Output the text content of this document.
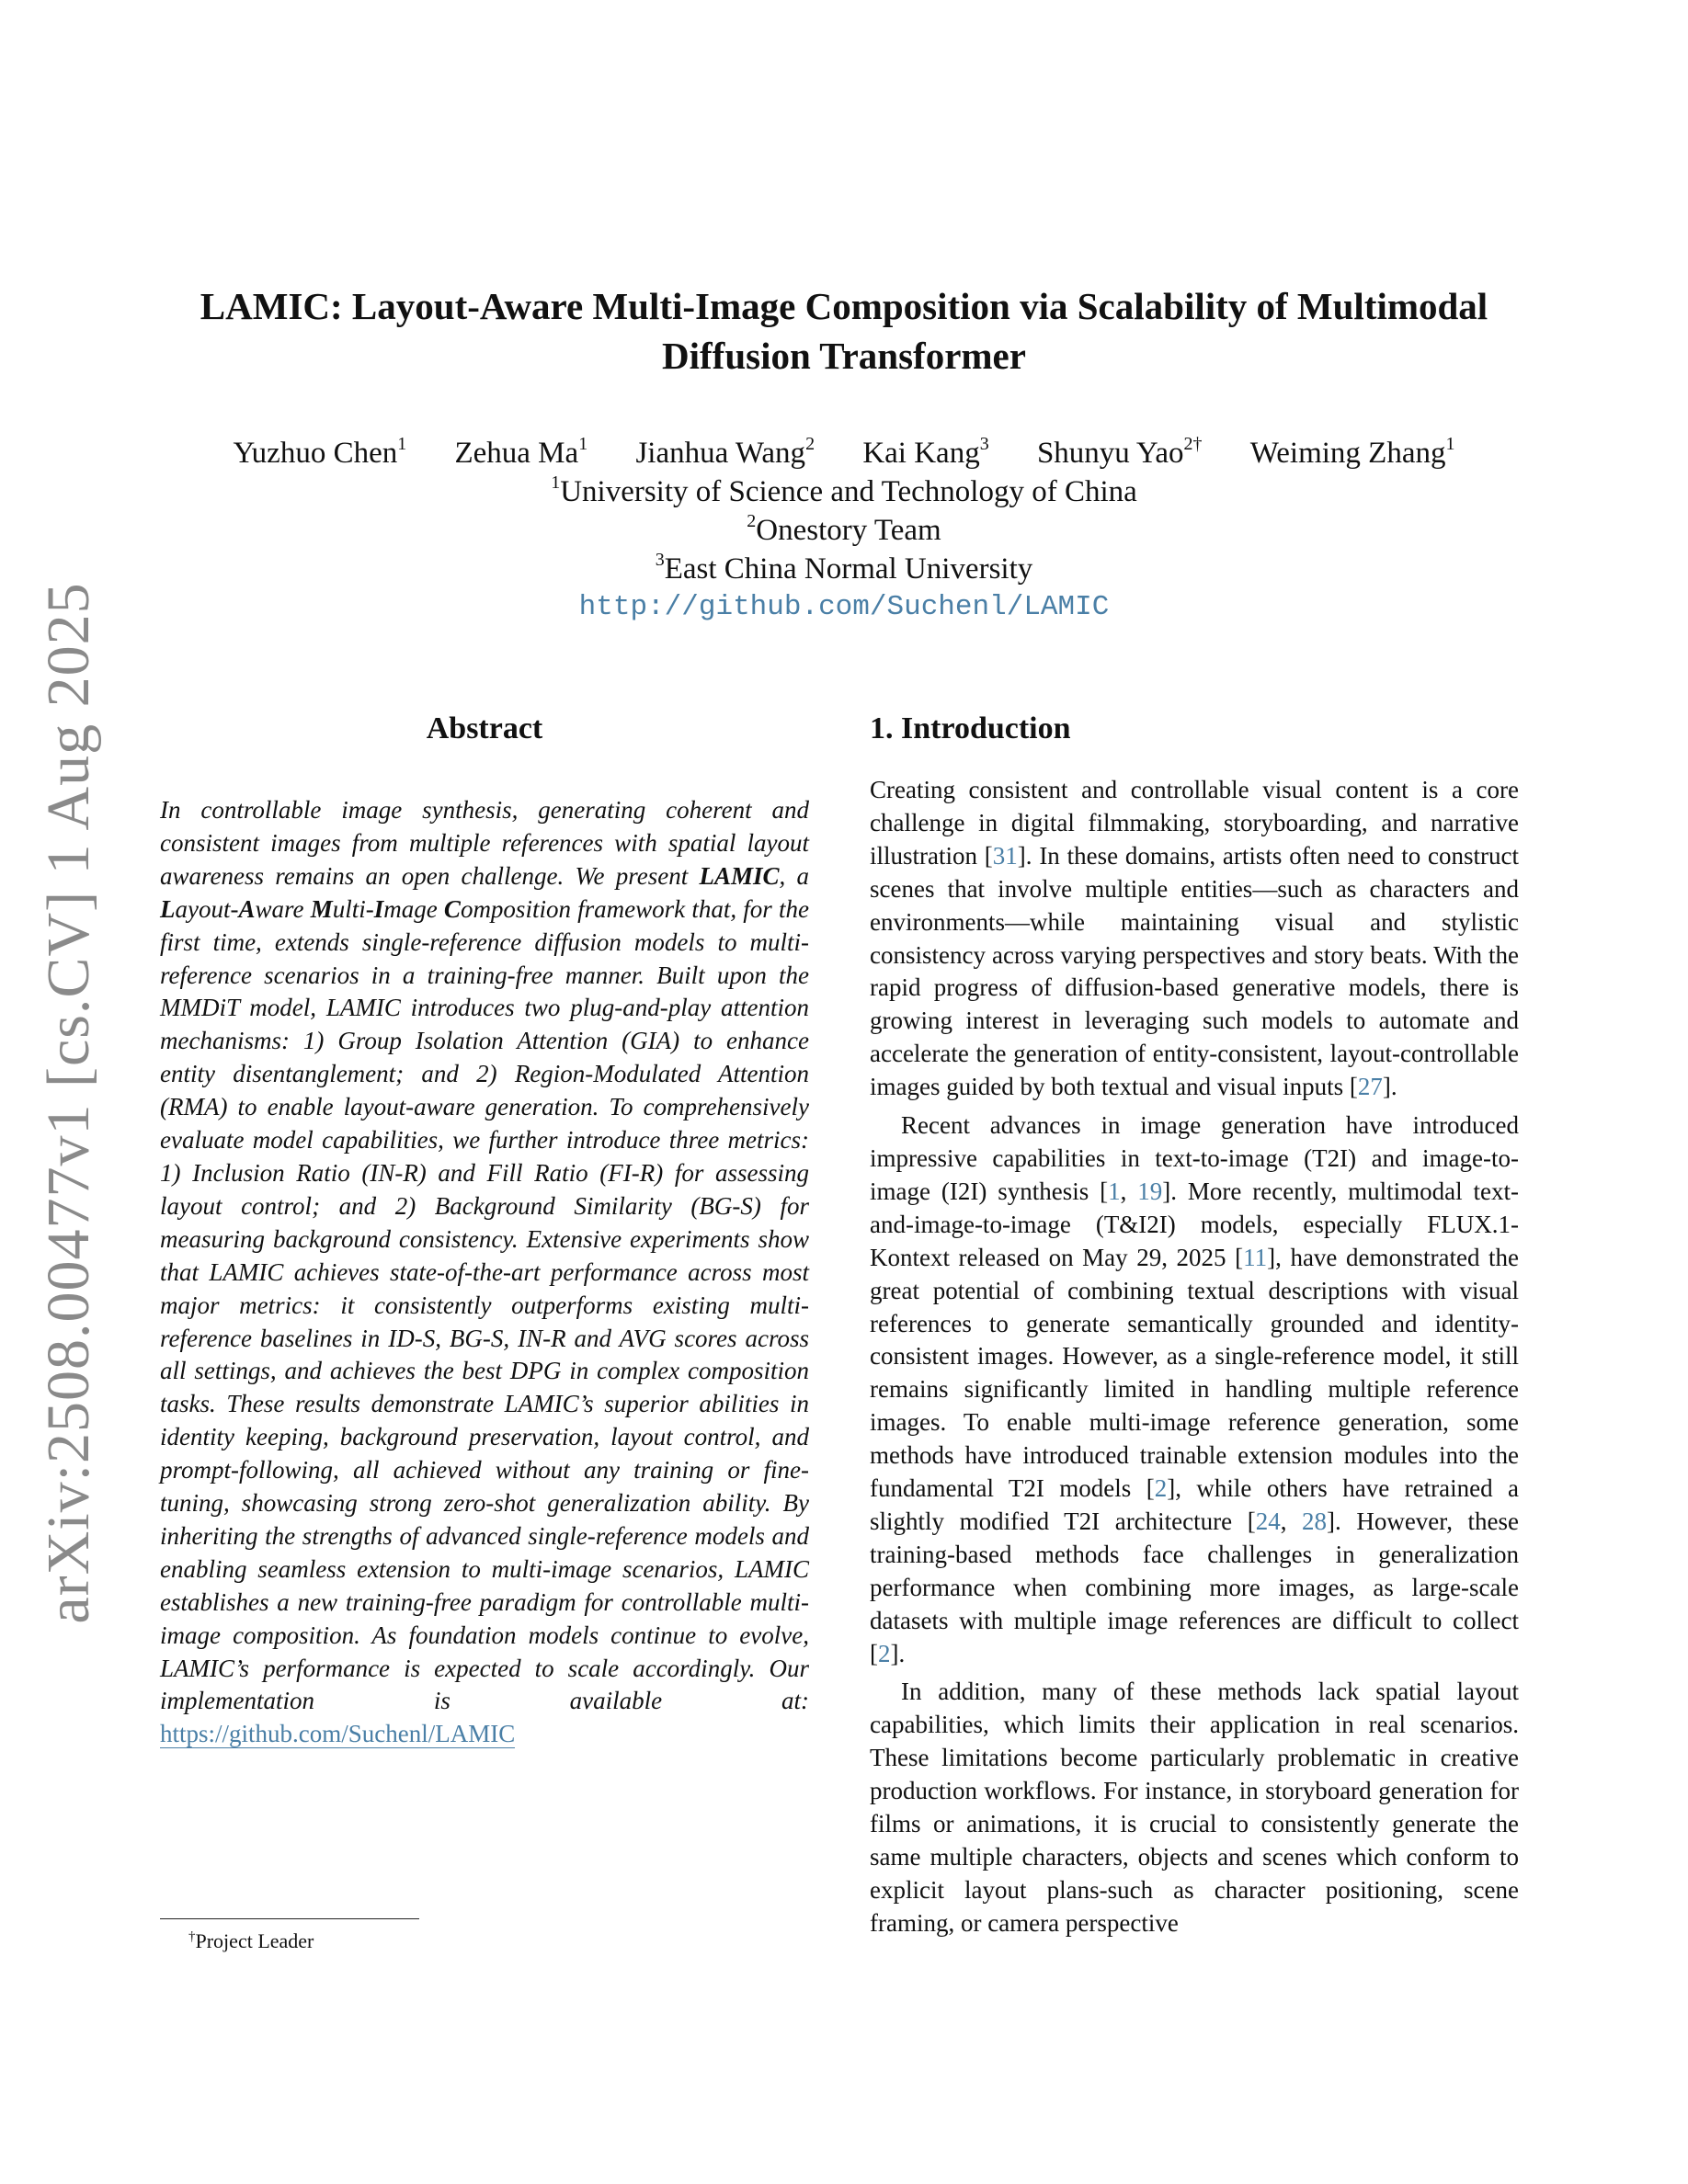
arXiv:2508.00477v1 [cs.CV] 1 Aug 2025
LAMIC: Layout-Aware Multi-Image Composition via Scalability of Multimodal
Diffusion Transformer
Yuzhuo Chen$^1$ Zehua Ma$^1$ Jianhua Wang$^2$ Kai Kang$^3$ Shunyu Yao$^{2\dagger}$ Weiming Zhang$^1$
$^1$University of Science and Technology of China
$^2$Onestory Team
$^3$East China Normal University
http://github.com/Suchenl/LAMIC
Abstract

In controllable image synthesis, generating coherent and consistent images from multiple references with spatial layout awareness remains an open challenge. We present LAMIC, a Layout-Aware Multi-Image Composition framework that, for the first time, extends single-reference diffusion models to multi-reference scenarios in a training-free manner. Built upon the MMDiT model, LAMIC introduces two plug-and-play attention mechanisms: 1) Group Isolation Attention (GIA) to enhance entity disentanglement; and 2) Region-Modulated Attention (RMA) to enable layout-aware generation. To comprehensively evaluate model capabilities, we further introduce three metrics: 1) Inclusion Ratio (IN-R) and Fill Ratio (FI-R) for assessing layout control; and 2) Background Similarity (BG-S) for measuring background consistency. Extensive experiments show that LAMIC achieves state-of-the-art performance across most major metrics: it consistently outperforms existing multi-reference baselines in ID-S, BG-S, IN-R and AVG scores across all settings, and achieves the best DPG in complex composition tasks. These results demonstrate LAMIC’s superior abilities in identity keeping, background preservation, layout control, and prompt-following, all achieved without any training or fine-tuning, showcasing strong zero-shot generalization ability. By inheriting the strengths of advanced single-reference models and enabling seamless extension to multi-image scenarios, LAMIC establishes a new training-free paradigm for controllable multi-image composition. As foundation models continue to evolve, LAMIC’s performance is expected to scale accordingly. Our implementation is available at: https://github.com/Suchenl/LAMIC

1. Introduction

Creating consistent and controllable visual content is a core challenge in digital filmmaking, storyboarding, and narrative illustration [31]. In these domains, artists often need to construct scenes that involve multiple entities—such as characters and environments—while maintaining visual and stylistic consistency across varying perspectives and story beats. With the rapid progress of diffusion-based generative models, there is growing interest in leveraging such models to automate and accelerate the generation of entity-consistent, layout-controllable images guided by both textual and visual inputs [27].

Recent advances in image generation have introduced impressive capabilities in text-to-image (T2I) and image-to-image (I2I) synthesis [1, 19]. More recently, multimodal text-and-image-to-image (T&I2I) models, especially FLUX.1-Kontext released on May 29, 2025 [11], have demonstrated the great potential of combining textual descriptions with visual references to generate semantically grounded and identity-consistent images. However, as a single-reference model, it still remains significantly limited in handling multiple reference images. To enable multi-image reference generation, some methods have introduced trainable extension modules into the fundamental T2I models [2], while others have retrained a slightly modified T2I architecture [24, 28]. However, these training-based methods face challenges in generalization performance when combining more images, as large-scale datasets with multiple image references are difficult to collect [2].

In addition, many of these methods lack spatial layout capabilities, which limits their application in real scenarios. These limitations become particularly problematic in creative production workflows. For instance, in storyboard generation for films or animations, it is crucial to consistently generate the same multiple characters, objects and scenes which conform to explicit layout plans-such as character positioning, scene framing, or camera perspective

†Project Leader
